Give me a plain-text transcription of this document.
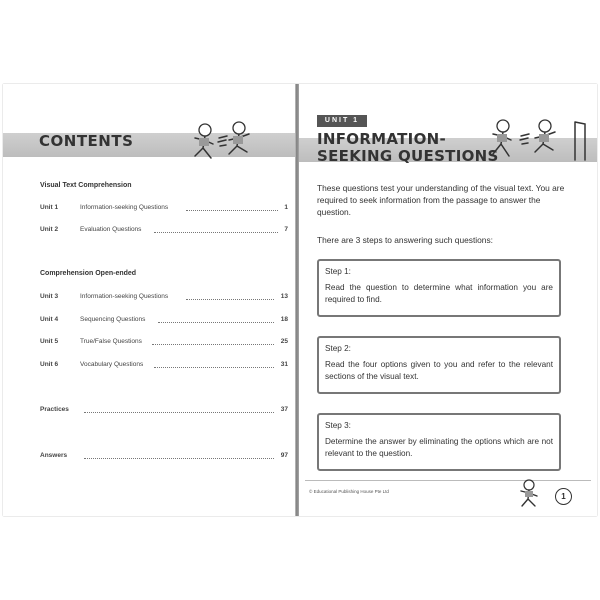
CONTENTS
Visual Text Comprehension
Unit 1	Information-seeking Questions	1
Unit 2	Evaluation Questions	7
Comprehension Open-ended
Unit 3	Information-seeking Questions	13
Unit 4	Sequencing Questions	18
Unit 5	True/False Questions	25
Unit 6	Vocabulary Questions	31
Practices	37
Answers	97
UNIT 1
INFORMATION-
SEEKING QUESTIONS
These questions test your understanding of the visual text. You are required to seek information from the passage to answer the question.
There are 3 steps to answering such questions:
Step 1:
Read the question to determine what information you are required to find.
Step 2:
Read the four options given to you and refer to the relevant sections of the visual text.
Step 3:
Determine the answer by eliminating the options which are not relevant to the question.
© Educational Publishing House Pte Ltd
1
